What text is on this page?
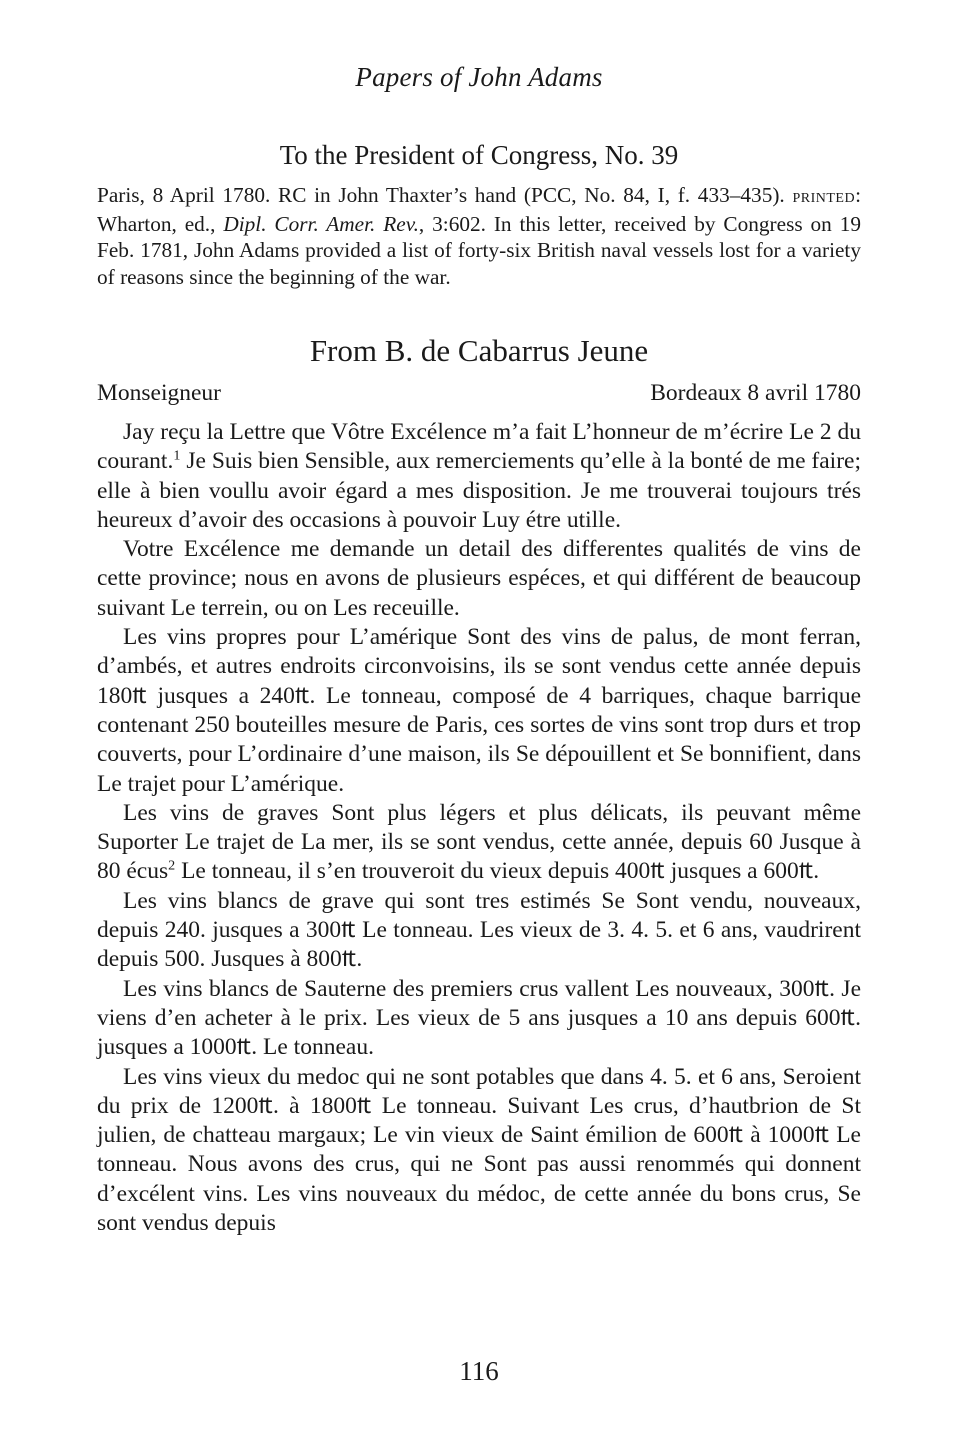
Papers of John Adams
To the President of Congress, No. 39
Paris, 8 April 1780. RC in John Thaxter’s hand (PCC, No. 84, I, f. 433–435). printed: Wharton, ed., Dipl. Corr. Amer. Rev., 3:602. In this letter, received by Congress on 19 Feb. 1781, John Adams provided a list of forty-six British naval vessels lost for a variety of reasons since the beginning of the war.
From B. de Cabarrus Jeune
Monseigneur	Bordeaux 8 avril 1780

Jay reçu la Lettre que Vôtre Excélence m’a fait L’honneur de m’écrire Le 2 du courant.$^1$ Je Suis bien Sensible, aux remerciements qu’elle à la bonté de me faire; elle à bien voullu avoir égard a mes disposition. Je me trouverai toujours trés heureux d’avoir des occasions à pouvoir Luy étre utille.

Votre Excélence me demande un detail des differentes qualités de vins de cette province; nous en avons de plusieurs espéces, et qui différent de beaucoup suivant Le terrein, ou on Les receuille.

Les vins propres pour L’amérique Sont des vins de palus, de mont ferran, d’ambés, et autres endroits circonvoisins, ils se sont vendus cette année depuis 180₶ jusques a 240₶. Le tonneau, composé de 4 barriques, chaque barrique contenant 250 bouteilles mesure de Paris, ces sortes de vins sont trop durs et trop couverts, pour L’ordinaire d’une maison, ils Se dépouillent et Se bonnifient, dans Le trajet pour L’amérique.

Les vins de graves Sont plus légers et plus délicats, ils peuvant même Suporter Le trajet de La mer, ils se sont vendus, cette année, depuis 60 Jusque à 80 écus$^2$ Le tonneau, il s’en trouveroit du vieux depuis 400₶ jusques a 600₶.

Les vins blancs de grave qui sont tres estimés Se Sont vendu, nouveaux, depuis 240. jusques a 300₶ Le tonneau. Les vieux de 3. 4. 5. et 6 ans, vaudrirent depuis 500. Jusques à 800₶.

Les vins blancs de Sauterne des premiers crus vallent Les nouveaux, 300₶. Je viens d’en acheter à le prix. Les vieux de 5 ans jusques a 10 ans depuis 600₶. jusques a 1000₶. Le tonneau.

Les vins vieux du medoc qui ne sont potables que dans 4. 5. et 6 ans, Seroient du prix de 1200₶. à 1800₶ Le tonneau. Suivant Les crus, d’hautbrion de St julien, de chatteau margaux; Le vin vieux de Saint émilion de 600₶ à 1000₶ Le tonneau. Nous avons des crus, qui ne Sont pas aussi renommés qui donnent d’excélent vins. Les vins nouveaux du médoc, de cette année du bons crus, Se sont vendus depuis

116
